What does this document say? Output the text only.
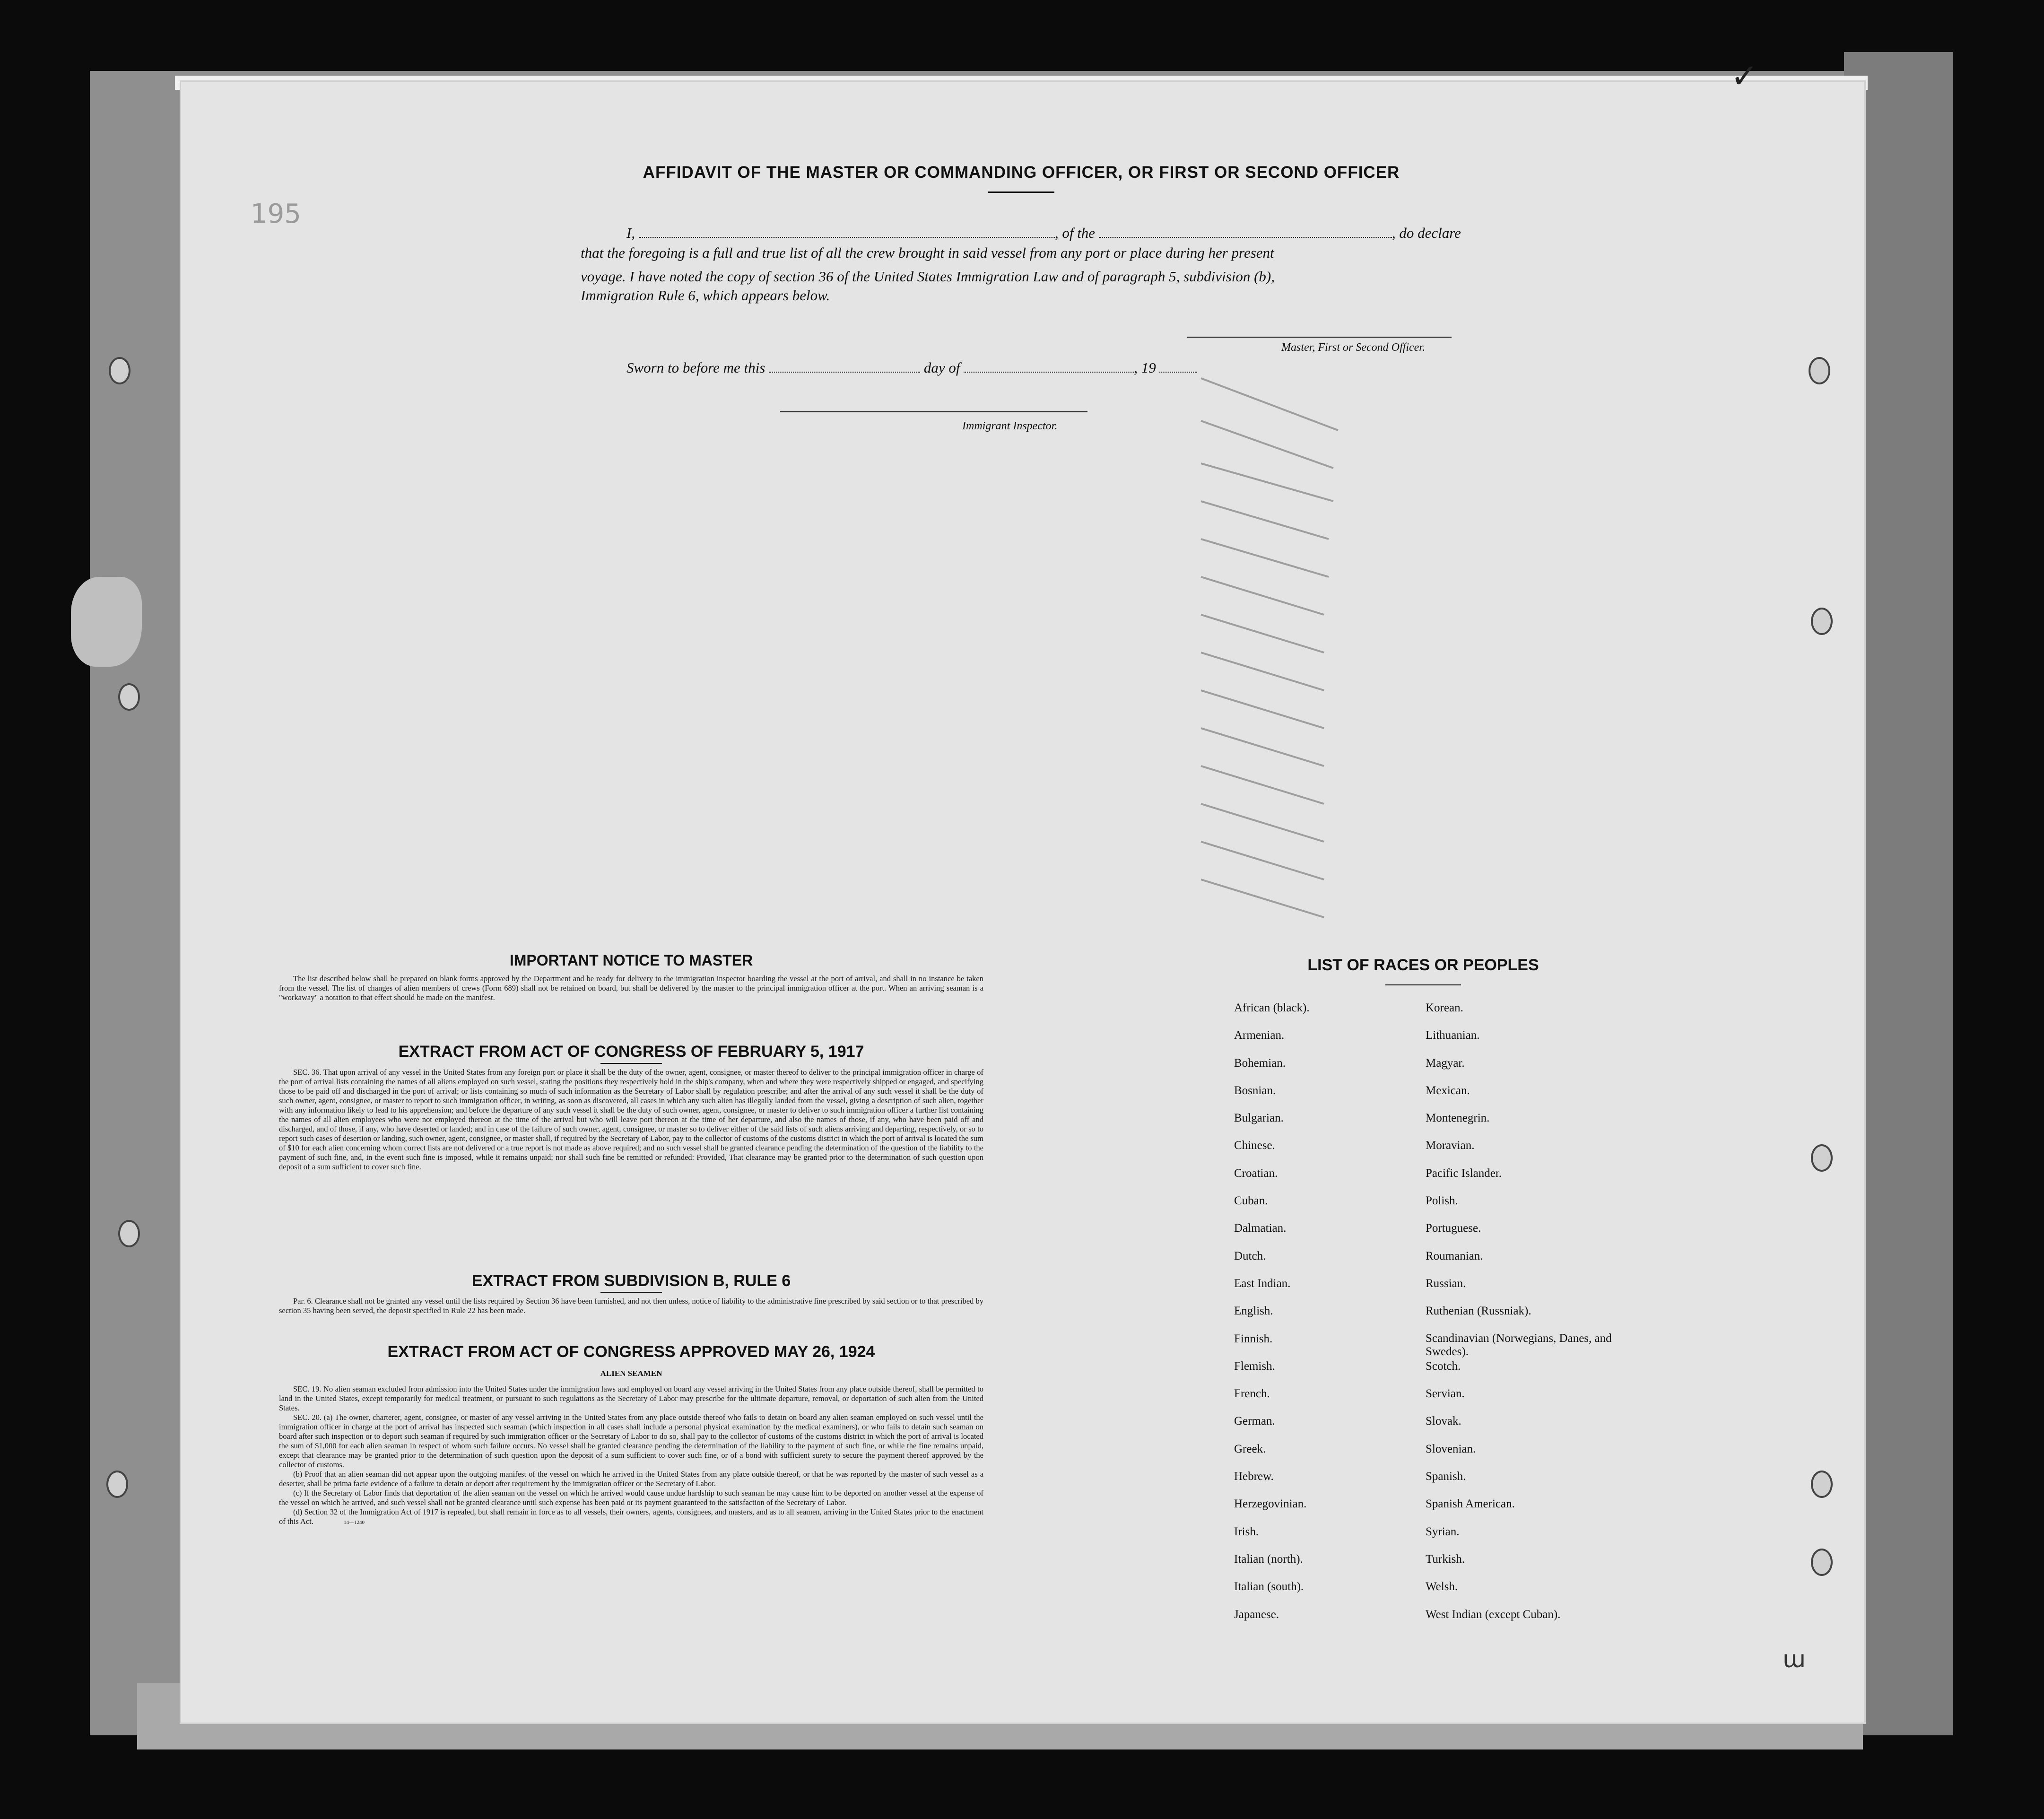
195
✓
AFFIDAVIT OF THE MASTER OR COMMANDING OFFICER, OR FIRST OR SECOND OFFICER
I,	, of the	, do declare
that the foregoing is a full and true list of all the crew brought in said vessel from any port or place during her present
voyage. I have noted the copy of section 36 of the United States Immigration Law and of paragraph 5, subdivision (b),
Immigration Rule 6, which appears below.
Master, First or Second Officer.
Sworn to before me this	day of	, 19
Immigrant Inspector.
IMPORTANT NOTICE TO MASTER

The list described below shall be prepared on blank forms approved by the Department and be ready for delivery to the immigration inspector boarding the vessel at the port of arrival, and shall in no instance be taken from the vessel. The list of changes of alien members of crews (Form 689) shall not be retained on board, but shall be delivered by the master to the principal immigration officer at the port. When an arriving seaman is a "workaway" a notation to that effect should be made on the manifest.

EXTRACT FROM ACT OF CONGRESS OF FEBRUARY 5, 1917

SEC. 36. That upon arrival of any vessel in the United States from any foreign port or place it shall be the duty of the owner, agent, consignee, or master thereof to deliver to the principal immigration officer in charge of the port of arrival lists containing the names of all aliens employed on such vessel, stating the positions they respectively hold in the ship's company, when and where they were respectively shipped or engaged, and specifying those to be paid off and discharged in the port of arrival; or lists containing so much of such information as the Secretary of Labor shall by regulation prescribe; and after the arrival of any such vessel it shall be the duty of such owner, agent, consignee, or master to report to such immigration officer, in writing, as soon as discovered, all cases in which any such alien has illegally landed from the vessel, giving a description of such alien, together with any information likely to lead to his apprehension; and before the departure of any such vessel it shall be the duty of such owner, agent, consignee, or master to deliver to such immigration officer a further list containing the names of all alien employees who were not employed thereon at the time of the arrival but who will leave port thereon at the time of her departure, and also the names of those, if any, who have been paid off and discharged, and of those, if any, who have deserted or landed; and in case of the failure of such owner, agent, consignee, or master so to deliver either of the said lists of such aliens arriving and departing, respectively, or so to report such cases of desertion or landing, such owner, agent, consignee, or master shall, if required by the Secretary of Labor, pay to the collector of customs of the customs district in which the port of arrival is located the sum of $10 for each alien concerning whom correct lists are not delivered or a true report is not made as above required; and no such vessel shall be granted clearance pending the determination of the question of the liability to the payment of such fine, and, in the event such fine is imposed, while it remains unpaid; nor shall such fine be remitted or refunded: Provided, That clearance may be granted prior to the determination of such question upon deposit of a sum sufficient to cover such fine.

EXTRACT FROM SUBDIVISION B, RULE 6

Par. 6. Clearance shall not be granted any vessel until the lists required by Section 36 have been furnished, and not then unless, notice of liability to the administrative fine prescribed by said section or to that prescribed by section 35 having been served, the deposit specified in Rule 22 has been made.

EXTRACT FROM ACT OF CONGRESS APPROVED MAY 26, 1924
ALIEN SEAMEN

SEC. 19. No alien seaman excluded from admission into the United States under the immigration laws and employed on board any vessel arriving in the United States from any place outside thereof, shall be permitted to land in the United States, except temporarily for medical treatment, or pursuant to such regulations as the Secretary of Labor may prescribe for the ultimate departure, removal, or deportation of such alien from the United States.

SEC. 20. (a) The owner, charterer, agent, consignee, or master of any vessel arriving in the United States from any place outside thereof who fails to detain on board any alien seaman employed on such vessel until the immigration officer in charge at the port of arrival has inspected such seaman (which inspection in all cases shall include a personal physical examination by the medical examiners), or who fails to detain such seaman on board after such inspection or to deport such seaman if required by such immigration officer or the Secretary of Labor to do so, shall pay to the collector of customs of the customs district in which the port of arrival is located the sum of $1,000 for each alien seaman in respect of whom such failure occurs. No vessel shall be granted clearance pending the determination of the liability to the payment of such fine, or while the fine remains unpaid, except that clearance may be granted prior to the determination of such question upon the deposit of a sum sufficient to cover such fine, or of a bond with sufficient surety to secure the payment thereof approved by the collector of customs.

(b) Proof that an alien seaman did not appear upon the outgoing manifest of the vessel on which he arrived in the United States from any place outside thereof, or that he was reported by the master of such vessel as a deserter, shall be prima facie evidence of a failure to detain or deport after requirement by the immigration officer or the Secretary of Labor.

(c) If the Secretary of Labor finds that deportation of the alien seaman on the vessel on which he arrived would cause undue hardship to such seaman he may cause him to be deported on another vessel at the expense of the vessel on which he arrived, and such vessel shall not be granted clearance until such expense has been paid or its payment guaranteed to the satisfaction of the Secretary of Labor.

(d) Section 32 of the Immigration Act of 1917 is repealed, but shall remain in force as to all vessels, their owners, agents, consignees, and masters, and as to all seamen, arriving in the United States prior to the enactment of this Act.	14—1240

LIST OF RACES OR PEOPLES
African (black).
Armenian.
Bohemian.
Bosnian.
Bulgarian.
Chinese.
Croatian.
Cuban.
Dalmatian.
Dutch.
East Indian.
English.
Finnish.
Flemish.
French.
German.
Greek.
Hebrew.
Herzegovinian.
Irish.
Italian (north).
Italian (south).
Japanese.
Korean.
Lithuanian.
Magyar.
Mexican.
Montenegrin.
Moravian.
Pacific Islander.
Polish.
Portuguese.
Roumanian.
Russian.
Ruthenian (Russniak).
Scandinavian (Norwegians, Danes, and Swedes).
Scotch.
Servian.
Slovak.
Slovenian.
Spanish.
Spanish American.
Syrian.
Turkish.
Welsh.
West Indian (except Cuban).
ɯ
